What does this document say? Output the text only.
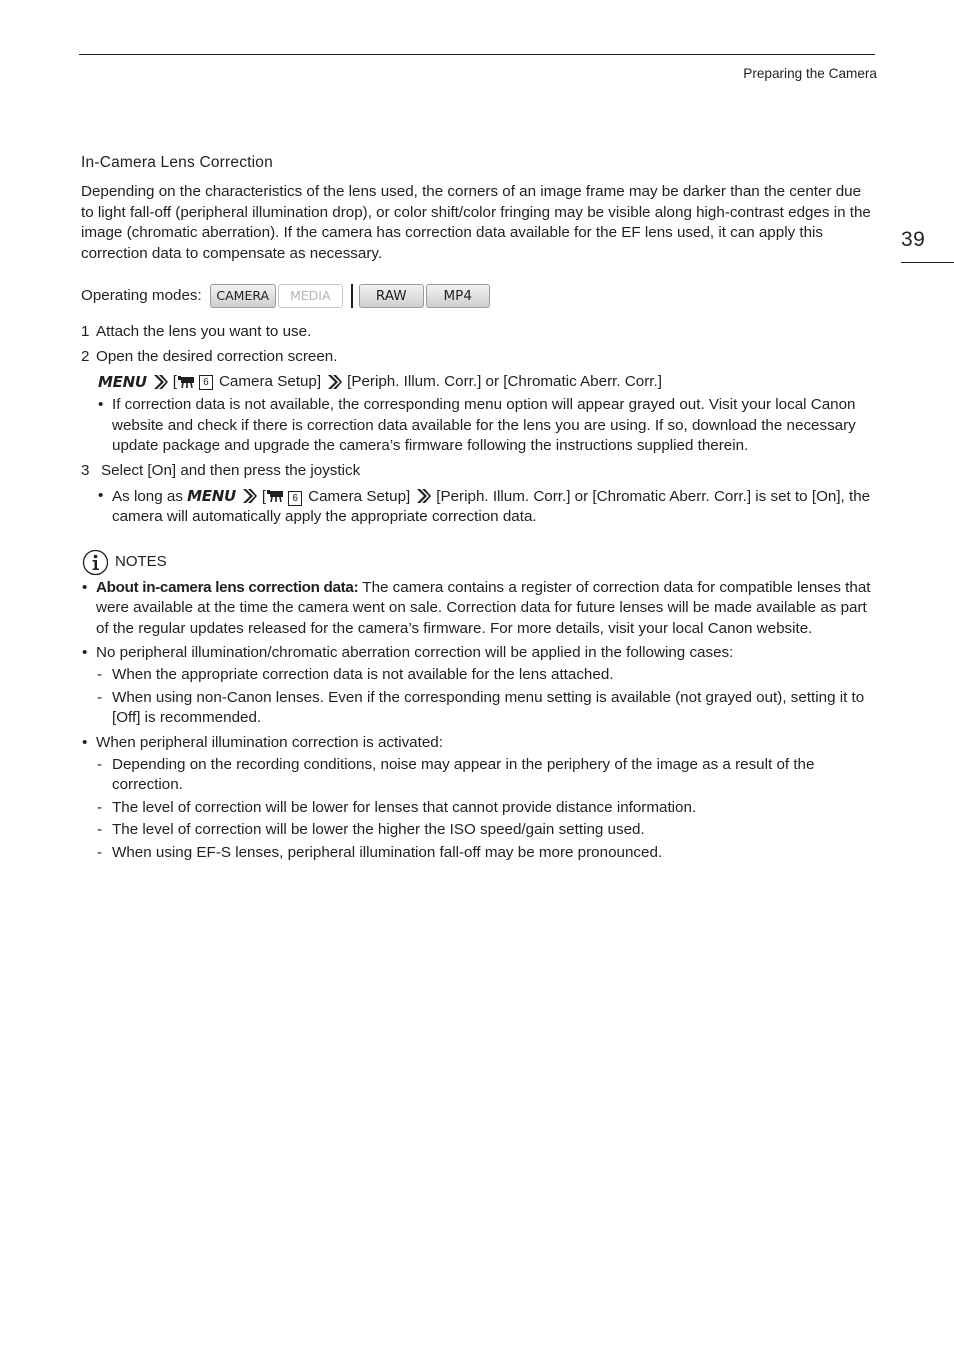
Preparing the Camera
39
In-Camera Lens Correction

Depending on the characteristics of the lens used, the corners of an image frame may be darker than the center due to light fall-off (peripheral illumination drop), or color shift/color fringing may be visible along high-contrast edges in the image (chromatic aberration). If the camera has correction data available for the EF lens used, it can apply this correction data to compensate as necessary.

Operating modes:	CAMERA	MEDIA	RAW	MP4
1 Attach the lens you want to use.
2 Open the desired correction screen.
MENU [	6 Camera Setup] [Periph. Illum. Corr.] or [Chromatic Aberr. Corr.]
• If correction data is not available, the corresponding menu option will appear grayed out. Visit your local Canon website and check if there is correction data available for the lens you are using. If so, download the necessary update package and upgrade the camera’s firmware following the instructions supplied therein.
3 Select [On] and then press the joystick
• As long as MENU [	6 Camera Setup] [Periph. Illum. Corr.] or [Chromatic Aberr. Corr.] is set to [On], the camera will automatically apply the appropriate correction data.
NOTES
• About in-camera lens correction data: The camera contains a register of correction data for compatible lenses that were available at the time the camera went on sale. Correction data for future lenses will be made available as part of the regular updates released for the camera’s firmware. For more details, visit your local Canon website.
• No peripheral illumination/chromatic aberration correction will be applied in the following cases:
- When the appropriate correction data is not available for the lens attached.
- When using non-Canon lenses. Even if the corresponding menu setting is available (not grayed out), setting it to [Off] is recommended.
• When peripheral illumination correction is activated:
- Depending on the recording conditions, noise may appear in the periphery of the image as a result of the correction.
- The level of correction will be lower for lenses that cannot provide distance information.
- The level of correction will be lower the higher the ISO speed/gain setting used.
- When using EF-S lenses, peripheral illumination fall-off may be more pronounced.
